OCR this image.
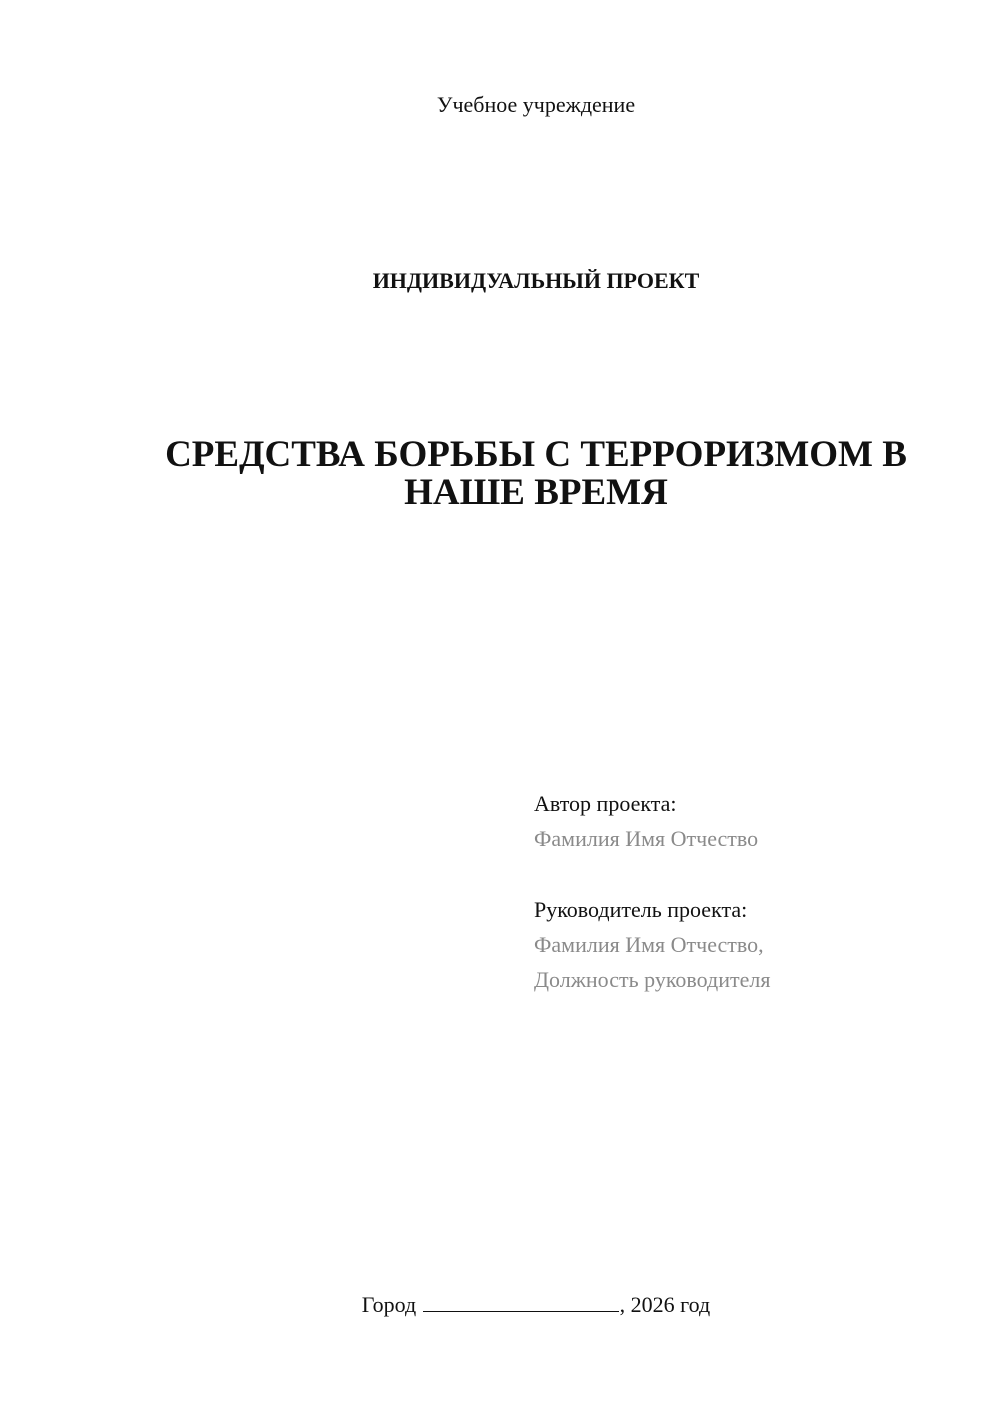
Учебное учреждение
ИНДИВИДУАЛЬНЫЙ ПРОЕКТ
СРЕДСТВА БОРЬБЫ С ТЕРРОРИЗМОМ В
НАШЕ ВРЕМЯ
Автор проекта:
Фамилия Имя Отчество
Руководитель проекта:
Фамилия Имя Отчество,
Должность руководителя
Город	, 2026 год
